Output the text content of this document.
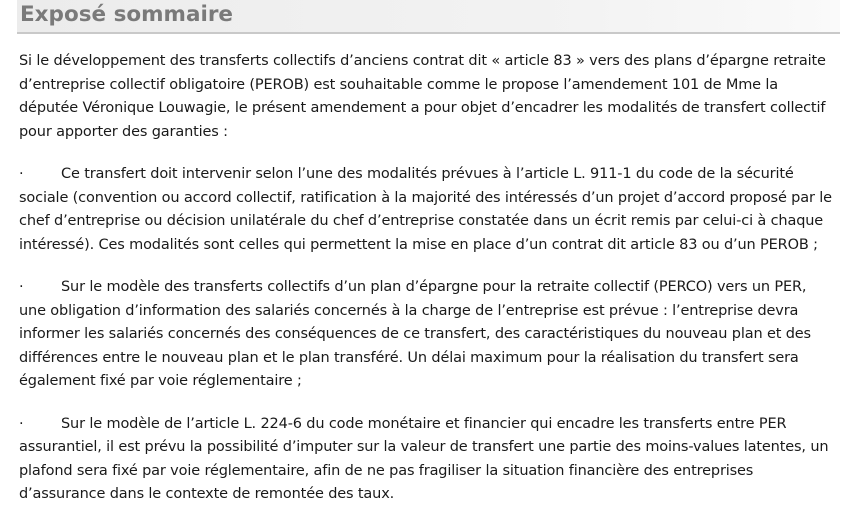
Exposé sommaire

Si le développement des transferts collectifs d’anciens contrat dit « article 83 » vers des plans d’épargne retraite d’entreprise collectif obligatoire (PEROB) est souhaitable comme le propose l’amendement 101 de Mme la députée Véronique Louwagie, le présent amendement a pour objet d’encadrer les modalités de transfert collectif pour apporter des garanties :

·	Ce transfert doit intervenir selon l’une des modalités prévues à l’article L. 911-1 du code de la sécurité sociale (convention ou accord collectif, ratification à la majorité des intéressés d’un projet d’accord proposé par le chef d’entreprise ou décision unilatérale du chef d’entreprise constatée dans un écrit remis par celui-ci à chaque intéressé). Ces modalités sont celles qui permettent la mise en place d’un contrat dit article 83 ou d’un PEROB ;

·	Sur le modèle des transferts collectifs d’un plan d’épargne pour la retraite collectif (PERCO) vers un PER, une obligation d’information des salariés concernés à la charge de l’entreprise est prévue : l’entreprise devra informer les salariés concernés des conséquences de ce transfert, des caractéristiques du nouveau plan et des différences entre le nouveau plan et le plan transféré. Un délai maximum pour la réalisation du transfert sera également fixé par voie réglementaire ;

·	Sur le modèle de l’article L. 224-6 du code monétaire et financier qui encadre les transferts entre PER assurantiel, il est prévu la possibilité d’imputer sur la valeur de transfert une partie des moins-values latentes, un plafond sera fixé par voie réglementaire, afin de ne pas fragiliser la situation financière des entreprises d’assurance dans le contexte de remontée des taux.
